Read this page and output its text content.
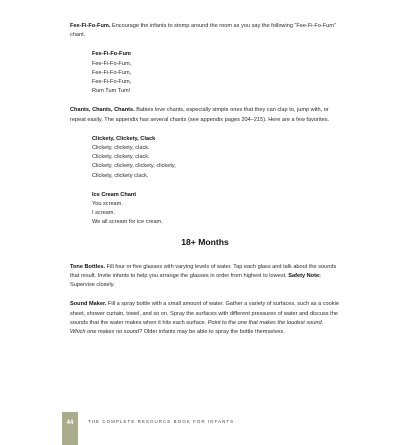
Fee-Fi-Fo-Fum. Encourage the infants to stomp around the room as you say the following “Fee-Fi-Fo-Fum” chant.

Fee-Fi-Fo-Fum
Fee-Fi-Fo-Fum,
Fee-Fi-Fo-Fum,
Fee-Fi-Fo-Fum,
Rum Tum Tum!

Chants, Chants, Chants. Babies love chants, especially simple ones that they can clap to, jump with, or repeat easily. The appendix has several chants (see appendix pages 204–215). Here are a few favorites.

Clickety, Clickety, Clack
Clickety, clickety, clack.
Clickety, clickety, clack.
Clickety, clickety, clickety, clickety,
Clickety, clickety clack.
Ice Cream Chant
You scream.
I scream.
We all scream for ice cream.
18+ Months

Tone Bottles. Fill four or five glasses with varying levels of water. Tap each glass and talk about the sounds that result. Invite infants to help you arrange the glasses in order from highest to lowest. Safety Note: Supervise closely.

Sound Maker. Fill a spray bottle with a small amount of water. Gather a variety of surfaces, such as a cookie sheet, shower curtain, towel, and so on. Spray the surfaces with different pressures of water and discuss the sounds that the water makes when it hits each surface. Point to the one that makes the loudest sound. Which one makes no sound? Older infants may be able to spray the bottle themselves.

44	THE COMPLETE RESOURCE BOOK FOR INFANTS
